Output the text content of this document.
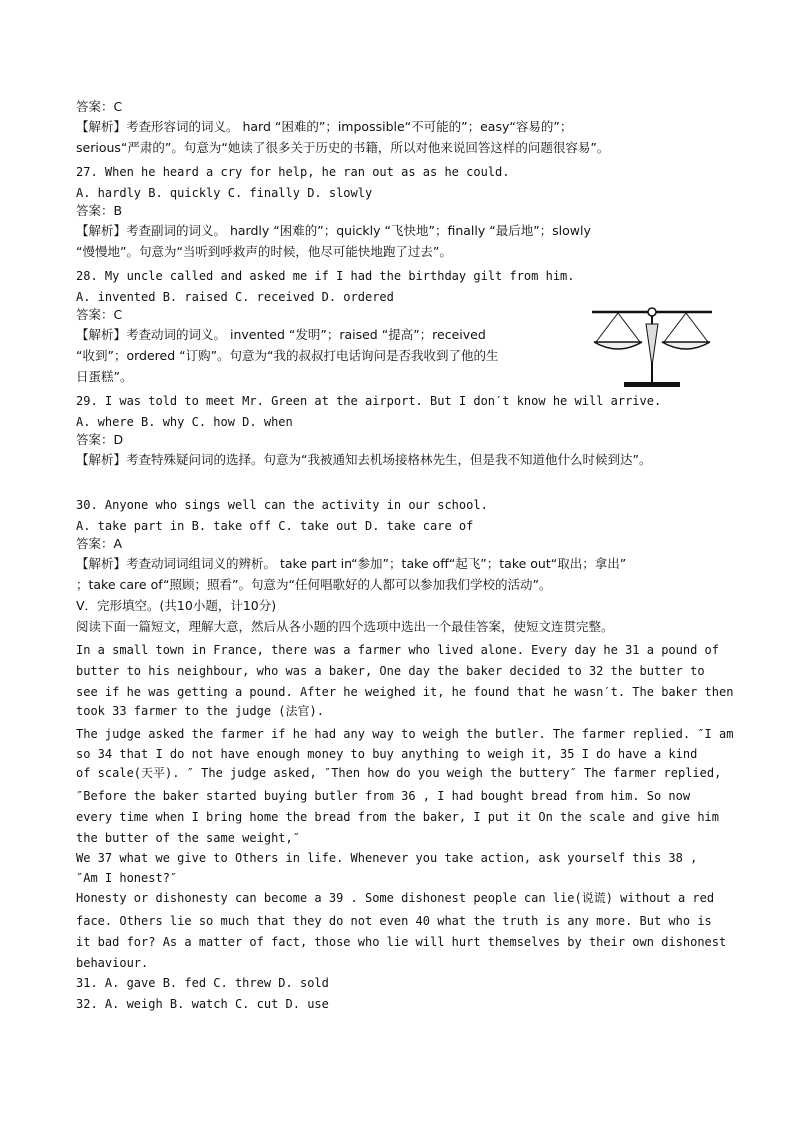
答案：C
【解析】考查形容词的词义。 hard “困难的”；impossible“不可能的”；easy“容易的”；
serious“严肃的”。句意为“她读了很多关于历史的书籍，所以对他来说回答这样的问题很容易”。
27. When he heard a cry for help, he ran out as as he could.
A. hardly B. quickly C. finally D. slowly
答案：B
【解析】考查副词的词义。 hardly “困难的”；quickly “飞快地”；finally “最后地”；slowly
“慢慢地”。句意为“当听到呼救声的时候，他尽可能快地跑了过去”。
28. My uncle called and asked me if I had the birthday gilt from him.
A. invented B. raised C. received D. ordered
答案：C
【解析】考查动词的词义。 invented “发明”；raised “提高”；received
“收到”；ordered “订购”。句意为“我的叔叔打电话询问是否我收到了他的生
日蛋糕”。
29. I was told to meet Mr. Green at the airport. But I don′t know he will arrive.
A. where B. why C. how D. when
答案：D
【解析】考查特殊疑问词的选择。句意为“我被通知去机场接格林先生，但是我不知道他什么时候到达”。
30. Anyone who sings well can the activity in our school.
A. take part in B. take off C. take out D. take care of
答案：A
【解析】考查动词词组词义的辨析。 take part in“参加”；take off“起飞”；take out“取出；拿出”
；take care of“照顾；照看”。句意为“任何唱歌好的人都可以参加我们学校的活动”。
V．完形填空。(共10小题，计10分)
阅读下面一篇短文，理解大意，然后从各小题的四个选项中选出一个最佳答案，使短文连贯完整。
In a small town in France, there was a farmer who lived alone. Every day he 31 a pound of
butter to his neighbour, who was a baker, One day the baker decided to 32 the butter to
see if he was getting a pound. After he weighed it, he found that he wasn′t. The baker then
took 33 farmer to the judge (法官).
The judge asked the farmer if he had any way to weigh the butler. The farmer replied. ″I am
so 34 that I do not have enough money to buy anything to weigh it, 35 I do have a kind
of scale(天平). ″ The judge asked, ″Then how do you weigh the buttery″ The farmer replied,
″Before the baker started buying butler from 36 , I had bought bread from him. So now
every time when I bring home the bread from the baker, I put it On the scale and give him
the butter of the same weight,″
We 37 what we give to Others in life. Whenever you take action, ask yourself this 38 ,
″Am I honest?″
Honesty or dishonesty can become a 39 . Some dishonest people can lie(说谎) without a red
face. Others lie so much that they do not even 40 what the truth is any more. But who is
it bad for? As a matter of fact, those who lie will hurt themselves by their own dishonest
behaviour.
31. A. gave B. fed C. threw D. sold
32. A. weigh B. watch C. cut D. use
